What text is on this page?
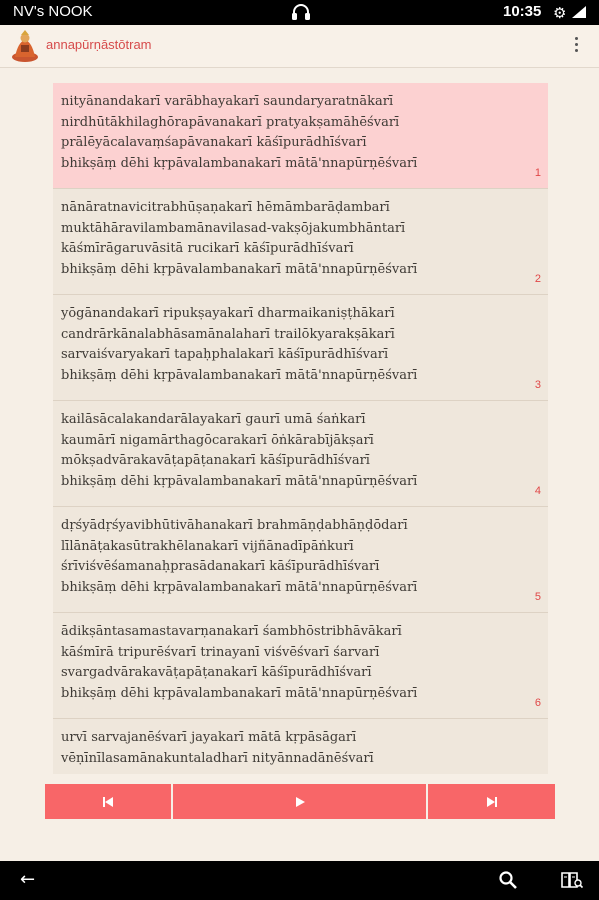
NV's NOOK	10:35 ⚙
annapūrṇāstōtram
nityānandakarī varābhayakarī saundaryaratnākarī
nirdhūtākhilaghōrapāvanakarī pratyakṣamāhēśvarī
prālēyācalavaṃśapāvanakarī kāśīpurādhīśvarī
bhikṣāṃ dēhi kṛpāvalambanakarī mātā'nnapūrṇēśvarī
1
nānāratnavicitrabhūṣaṇakarī hēmāmbarāḍambarī
muktāhāravilambamānavilasad-vakṣōjakumbhāntarī
kāśmīrāgaruvāsitā rucikarī kāśīpurādhīśvarī
bhikṣāṃ dēhi kṛpāvalambanakarī mātā'nnapūrṇēśvarī
2
yōgānandakarī ripukṣayakarī dharmaikaniṣṭhākarī
candrārkānalabhāsamānalaharī trailōkyarakṣākarī
sarvaiśvaryakarī tapaḥphalakarī kāśīpurādhīśvarī
bhikṣāṃ dēhi kṛpāvalambanakarī mātā'nnapūrṇēśvarī
3
kailāsācalakandarālayakarī gaurī umā śaṅkarī
kaumārī nigamārthagōcarakarī ōṅkārabījākṣarī
mōkṣadvārakavāṭapāṭanakarī kāśīpurādhīśvarī
bhikṣāṃ dēhi kṛpāvalambanakarī mātā'nnapūrṇēśvarī
4
dṛśyādṛśyavibhūtivāhanakarī brahmāṇḍabhāṇḍōdarī
līlānāṭakasūtrakhēlanakarī vijñānadīpāṅkurī
śrīviśvēśamanaḥprasādanakarī kāśīpurādhīśvarī
bhikṣāṃ dēhi kṛpāvalambanakarī mātā'nnapūrṇēśvarī
5
ādikṣāntasamastavarṇanakarī śambhōstribhāvākarī
kāśmīrā tripurēśvarī trinayanī viśvēśvarī śarvarī
svargadvārakavāṭapāṭanakarī kāśīpurādhīśvarī
bhikṣāṃ dēhi kṛpāvalambanakarī mātā'nnapūrṇēśvarī
6
urvī sarvajanēśvarī jayakarī mātā kṛpāsāgarī
vēṇīnīlasamānakuntaladharī nityānnadānēśvarī
←
